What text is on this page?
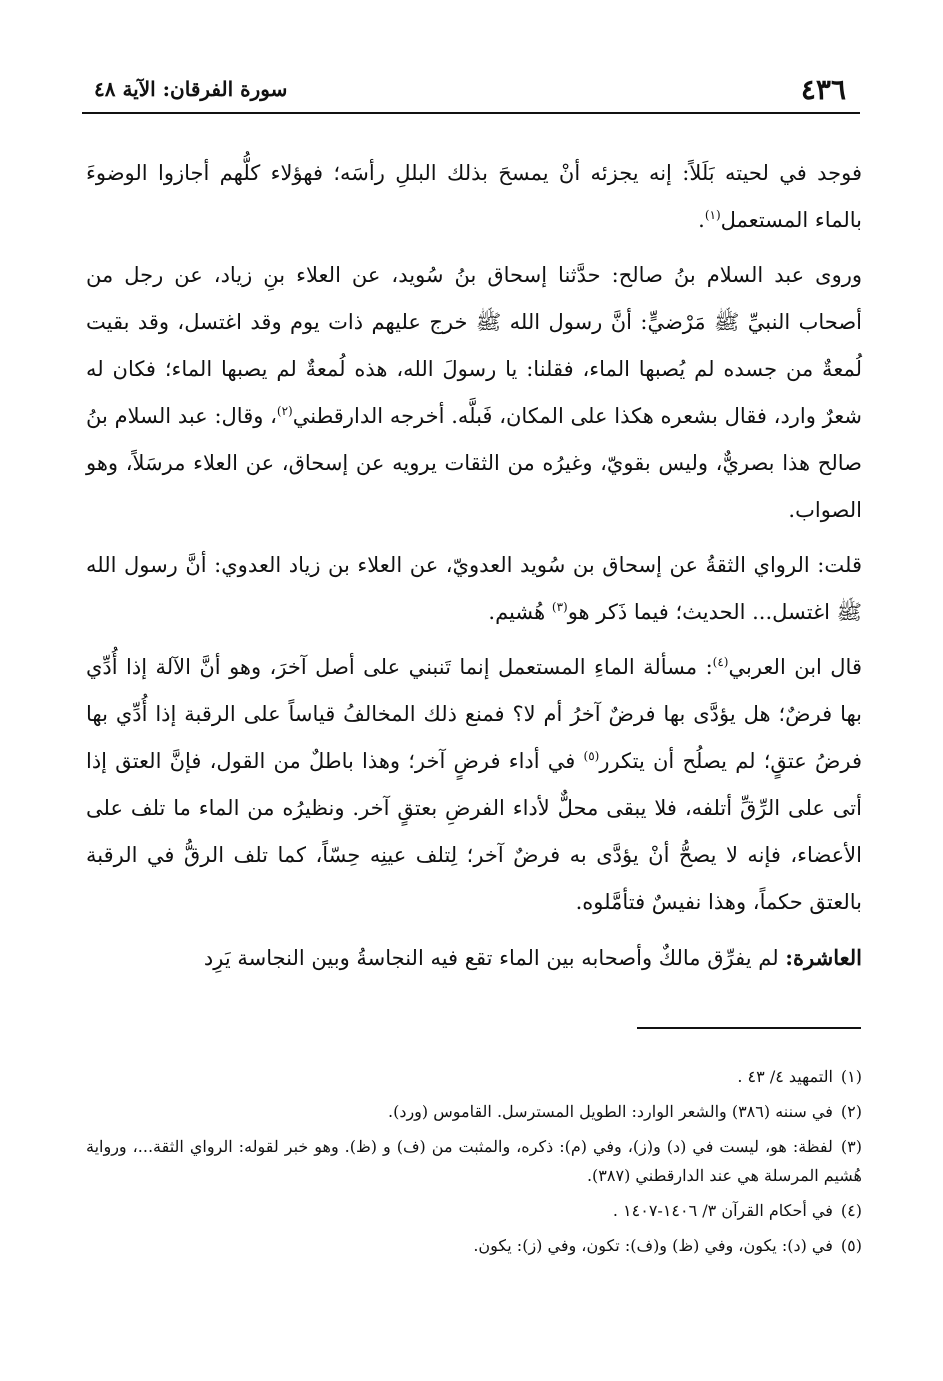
٤٣٦
سورة الفرقان: الآية ٤٨

فوجد في لحيته بَلَلاً: إنه يجزئه أنْ يمسحَ بذلك البللِ رأسَه؛ فهؤلاء كلُّهم أجازوا الوضوءَ بالماء المستعمل$^{(١)}$.

وروى عبد السلام بنُ صالح: حدَّثنا إسحاق بنُ سُويد، عن العلاء بنِ زياد، عن رجل من أصحاب النبيِّ ﷺ مَرْضيٍّ: أنَّ رسول الله ﷺ خرج عليهم ذات يوم وقد اغتسل، وقد بقيت لُمعةٌ من جسده لم يُصبها الماء، فقلنا: يا رسولَ الله، هذه لُمعةٌ لم يصبها الماء؛ فكان له شعرٌ وارد، فقال بشعره هكذا على المكان، فَبلَّه. أخرجه الدارقطني$^{(٢)}$، وقال: عبد السلام بنُ صالح هذا بصريٌّ، وليس بقويّ، وغيرُه من الثقات يرويه عن إسحاق، عن العلاء مرسَلاً، وهو الصواب.

قلت: الرواي الثقةُ عن إسحاق بن سُويد العدويّ، عن العلاء بن زياد العدوي: أنَّ رسول الله ﷺ اغتسل... الحديث؛ فيما ذَكر هو$^{(٣)}$ هُشيم.

قال ابن العربي$^{(٤)}$: مسألة الماءِ المستعمل إنما تَنبني على أصل آخرَ، وهو أنَّ الآلة إذا أُدِّي بها فرضٌ؛ هل يؤدَّى بها فرضٌ آخرُ أم لا؟ فمنع ذلك المخالفُ قياساً على الرقبة إذا أُدِّي بها فرضُ عتقٍ؛ لم يصلُح أن يتكرر$^{(٥)}$ في أداء فرضٍ آخر؛ وهذا باطلٌ من القول، فإنَّ العتق إذا أتى على الرِّقِّ أتلفه، فلا يبقى محلٌّ لأداء الفرضِ بعتقٍ آخر. ونظيرُه من الماء ما تلف على الأعضاء، فإنه لا يصحُّ أنْ يؤدَّى به فرضٌ آخر؛ لِتلف عينِه حِسّاً، كما تلف الرقُّ في الرقبة بالعتق حكماً، وهذا نفيسٌ فتأمَّلوه.

العاشرة: لم يفرِّق مالكٌ وأصحابه بين الماء تقع فيه النجاسةُ وبين النجاسة يَرِد

(١)التمهيد ٤/ ٤٣ .

(٢)في سننه (٣٨٦) والشعر الوارد: الطويل المسترسل. القاموس (ورد).

(٣)لفظة: هو، ليست في (د) و(ز)، وفي (م): ذكره، والمثبت من (ف) و (ظ). وهو خبر لقوله: الرواي الثقة...، ورواية هُشيم المرسلة هي عند الدارقطني (٣٨٧).

(٤)في أحكام القرآن ٣/ ١٤٠٦-١٤٠٧ .

(٥)في (د): يكون، وفي (ظ) و(ف): تكون، وفي (ز): يكون.
